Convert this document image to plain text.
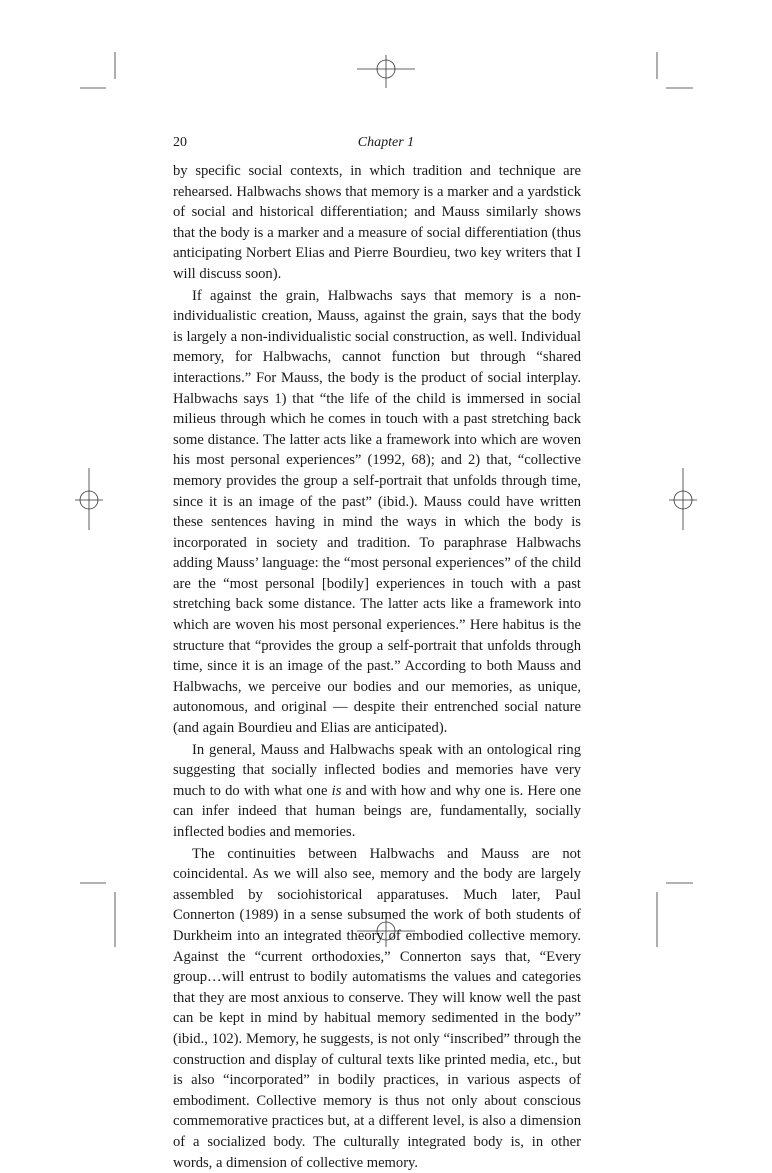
20	Chapter 1

by specific social contexts, in which tradition and technique are rehearsed. Halbwachs shows that memory is a marker and a yardstick of social and historical differentiation; and Mauss similarly shows that the body is a marker and a measure of social differentiation (thus anticipating Norbert Elias and Pierre Bourdieu, two key writers that I will discuss soon).

If against the grain, Halbwachs says that memory is a non-individualistic creation, Mauss, against the grain, says that the body is largely a non-individualistic social construction, as well. Individual memory, for Halbwachs, cannot function but through “shared interactions.” For Mauss, the body is the product of social interplay. Halbwachs says 1) that “the life of the child is immersed in social milieus through which he comes in touch with a past stretching back some distance. The latter acts like a framework into which are woven his most personal experiences” (1992, 68); and 2) that, “collective memory provides the group a self-portrait that unfolds through time, since it is an image of the past” (ibid.). Mauss could have written these sentences having in mind the ways in which the body is incorporated in society and tradition. To paraphrase Halbwachs adding Mauss’ language: the “most personal experiences” of the child are the “most personal [bodily] experiences in touch with a past stretching back some distance. The latter acts like a framework into which are woven his most personal experiences.” Here habitus is the structure that “provides the group a self-portrait that unfolds through time, since it is an image of the past.” According to both Mauss and Halbwachs, we perceive our bodies and our memories, as unique, autonomous, and original — despite their entrenched social nature (and again Bourdieu and Elias are anticipated).

In general, Mauss and Halbwachs speak with an ontological ring suggesting that socially inflected bodies and memories have very much to do with what one is and with how and why one is. Here one can infer indeed that human beings are, fundamentally, socially inflected bodies and memories.

The continuities between Halbwachs and Mauss are not coincidental. As we will also see, memory and the body are largely assembled by sociohistorical apparatuses. Much later, Paul Connerton (1989) in a sense subsumed the work of both students of Durkheim into an integrated theory of embodied collective memory. Against the “current orthodoxies,” Connerton says that, “Every group…will entrust to bodily automatisms the values and categories that they are most anxious to conserve. They will know well the past can be kept in mind by habitual memory sedimented in the body” (ibid., 102). Memory, he suggests, is not only “inscribed” through the construction and display of cultural texts like printed media, etc., but is also “incorporated” in bodily practices, in various aspects of embodiment. Collective memory is thus not only about conscious commemorative practices but, at a different level, is also a dimension of a socialized body. The culturally integrated body is, in other words, a dimension of collective memory.
